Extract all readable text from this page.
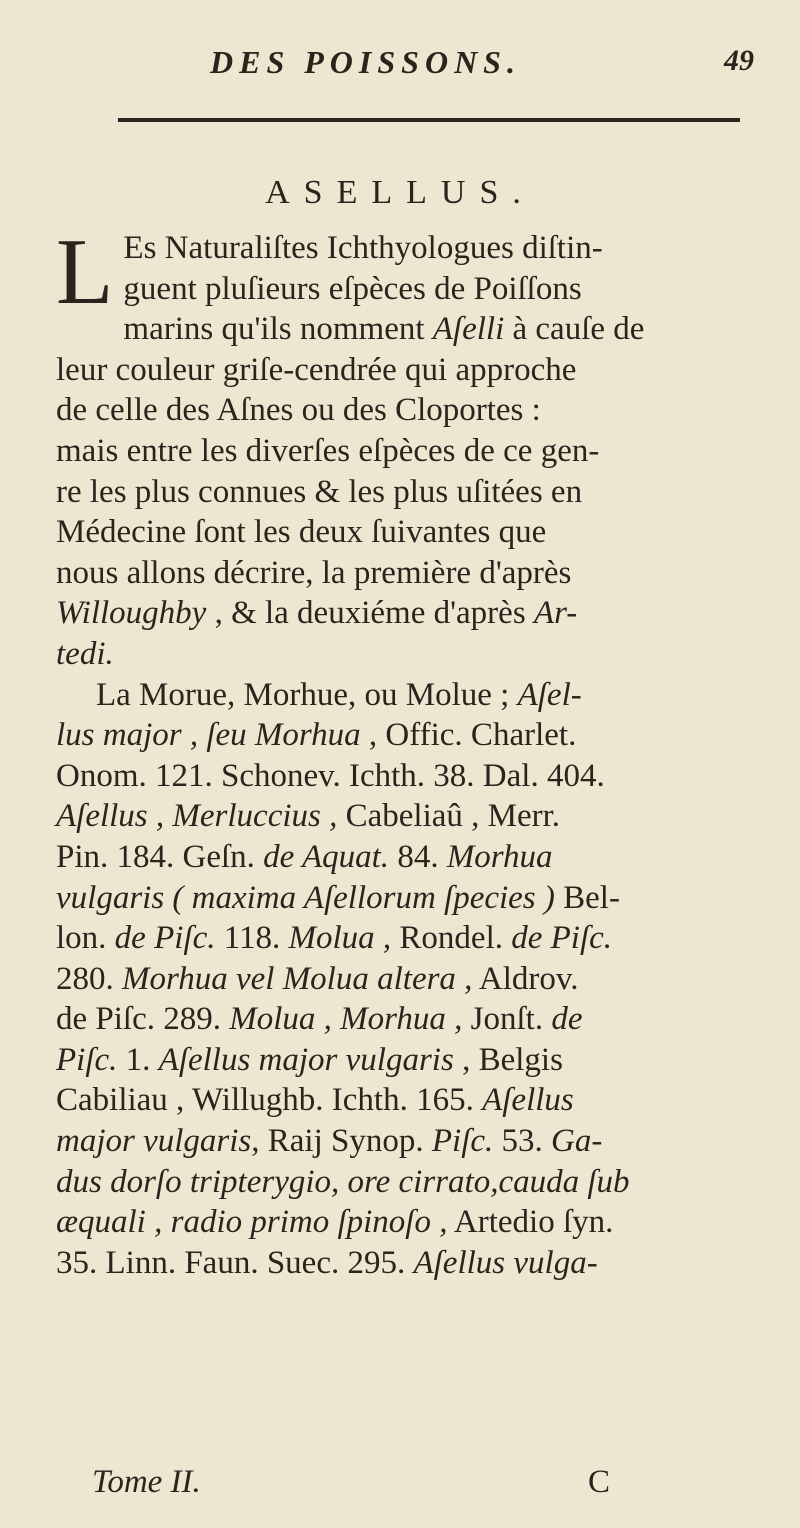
DES POISSONS.	49
ASELLUS.
L Es Naturaliſtes Ichthyologues diſtin-
guent pluſieurs eſpèces de Poiſſons
marins qu'ils nomment Aſelli à cauſe de
leur couleur griſe-cendrée qui approche
de celle des Aſnes ou des Cloportes :
mais entre les diverſes eſpèces de ce gen-
re les plus connues & les plus uſitées en
Médecine ſont les deux ſuivantes que
nous allons décrire, la première d'après
Willoughby , & la deuxiéme d'après Ar-
tedi.
La Morue, Morhue, ou Molue ; Aſel-
lus major , ſeu Morhua , Offic. Charlet.
Onom. 121. Schonev. Ichth. 38. Dal. 404.
Aſellus , Merluccius , Cabeliaû , Merr.
Pin. 184. Geſn. de Aquat. 84. Morhua
vulgaris ( maxima Aſellorum ſpecies ) Bel-
lon. de Piſc. 118. Molua , Rondel. de Piſc.
280. Morhua vel Molua altera , Aldrov.
de Piſc. 289. Molua , Morhua , Jonſt. de
Piſc. 1. Aſellus major vulgaris , Belgis
Cabiliau , Willughb. Ichth. 165. Aſellus
major vulgaris, Raij Synop. Piſc. 53. Ga-
dus dorſo tripterygio, ore cirrato,cauda ſub
æquali , radio primo ſpinoſo , Artedio ſyn.
35. Linn. Faun. Suec. 295. Aſellus vulga-
Tome II.	C
